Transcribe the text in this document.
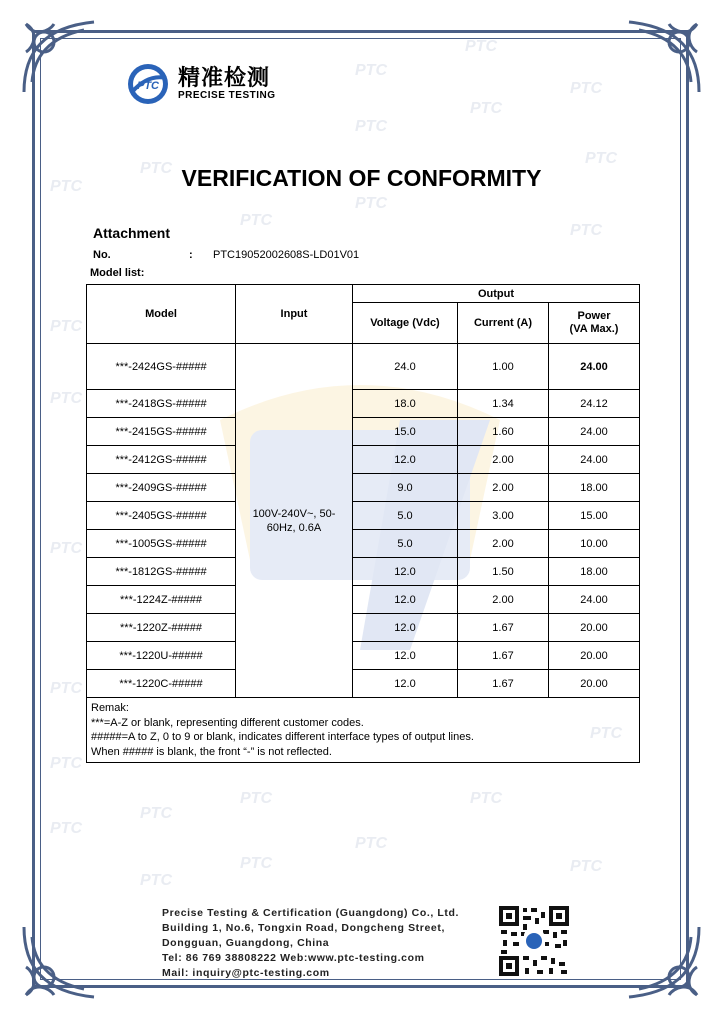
PTC
PTC
PTC
PTC
PTC
PTC
PTC
PTC
PTC
PTC
PTC
PTC
PTC
PTC
PTC
PTC
PTC
PTC	PTC
PTC
PTC
PTC
PTC	PTC
PTC
PTC 精准检测
PRECISE TESTING
VERIFICATION OF CONFORMITY
Attachment
No.	:	PTC19052002608S-LD01V01
Model list:
Model	Input	Output		
		Voltage (Vdc)	Current (A)	Power
(VA Max.)
***-2424GS-#####	100V-240V~, 50-60Hz, 0.6A	24.0	1.00	24.00
***-2418GS-#####		18.0	1.34	24.12
***-2415GS-#####		15.0	1.60	24.00
***-2412GS-#####		12.0	2.00	24.00
***-2409GS-#####		9.0	2.00	18.00
***-2405GS-#####		5.0	3.00	15.00
***-1005GS-#####		5.0	2.00	10.00
***-1812GS-#####		12.0	1.50	18.00
***-1224Z-#####		12.0	2.00	24.00
***-1220Z-#####		12.0	1.67	20.00
***-1220U-#####		12.0	1.67	20.00
***-1220C-#####		12.0	1.67	20.00

Remak:
***=A-Z or blank, representing different customer codes.
#####=A to Z, 0 to 9 or blank, indicates different interface types of output lines.
When ##### is blank, the front “-” is not reflected.				
Precise Testing & Certification (Guangdong) Co., Ltd.
Building 1, No.6, Tongxin Road, Dongcheng Street,
Dongguan, Guangdong, China
Tel: 86 769 38808222 Web:www.ptc-testing.com
Mail: inquiry@ptc-testing.com
